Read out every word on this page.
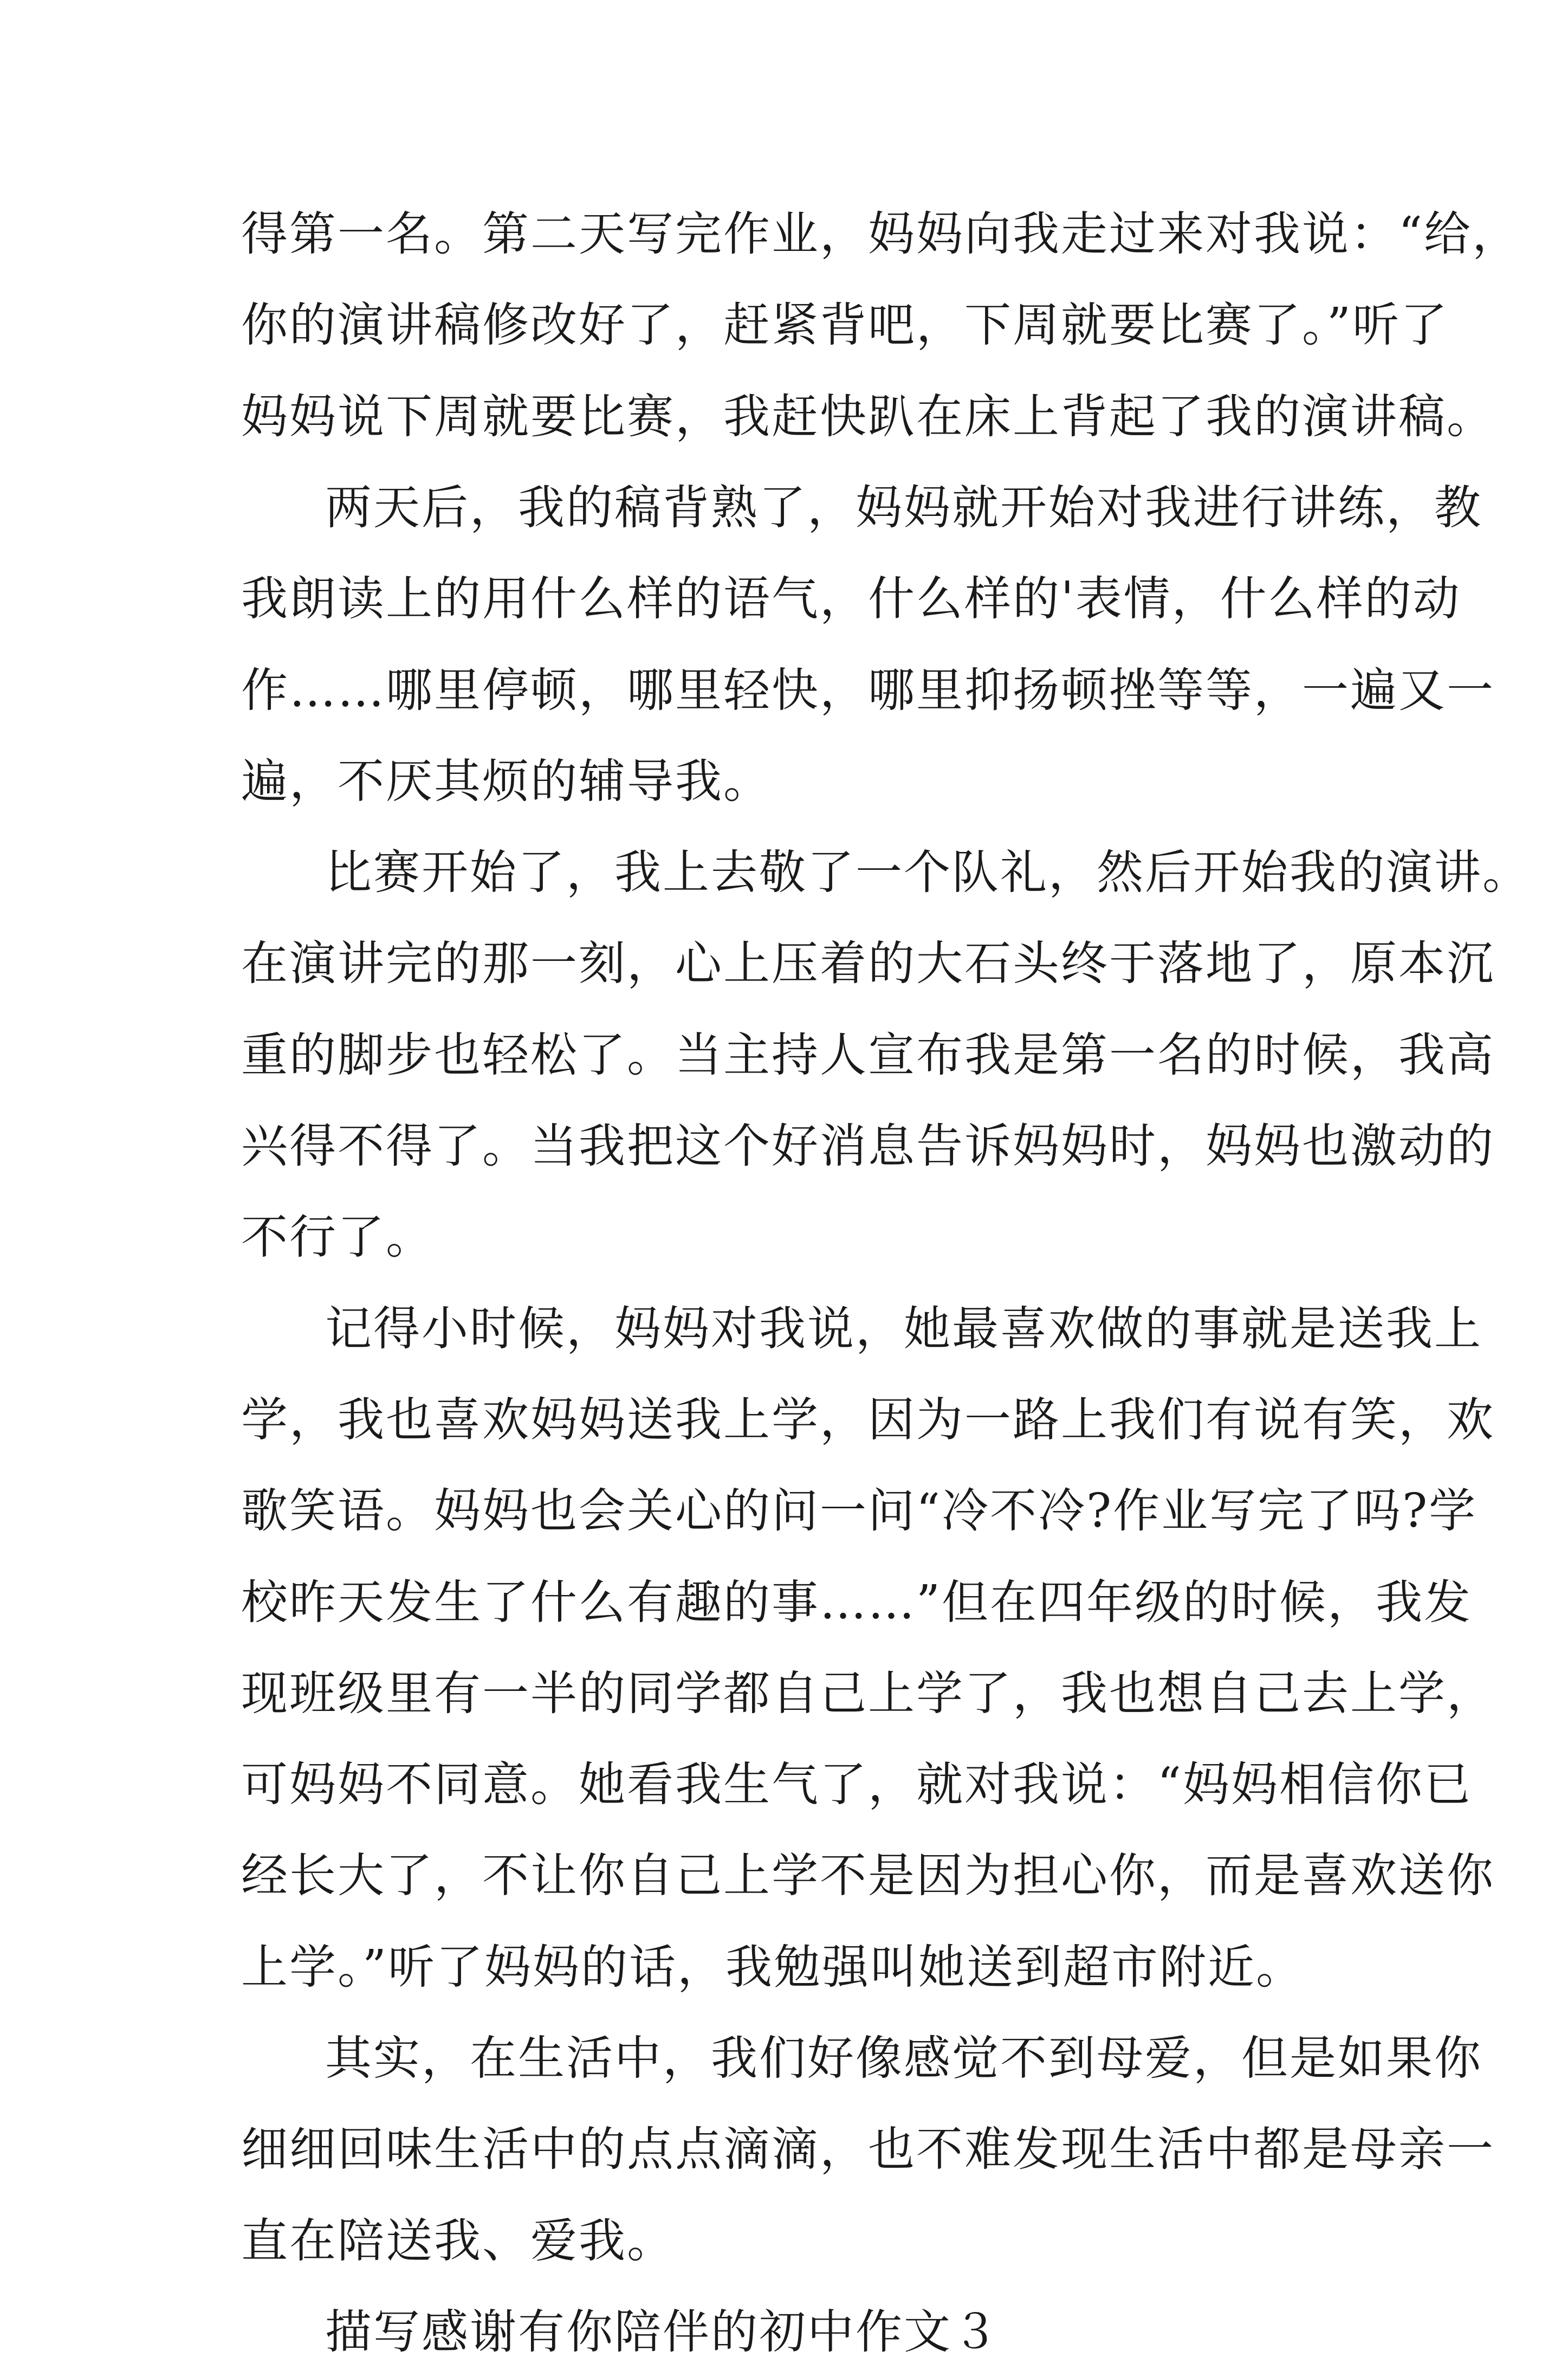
得第一名。第二天写完作业，妈妈向我走过来对我说：“给，
你的演讲稿修改好了，赶紧背吧，下周就要比赛了。”听了
妈妈说下周就要比赛，我赶快趴在床上背起了我的演讲稿。
两天后，我的稿背熟了，妈妈就开始对我进行讲练，教
我朗读上的用什么样的语气，什么样的'表情，什么样的动
作……哪里停顿，哪里轻快，哪里抑扬顿挫等等，一遍又一
遍，不厌其烦的辅导我。
比赛开始了，我上去敬了一个队礼，然后开始我的演讲。
在演讲完的那一刻，心上压着的大石头终于落地了，原本沉
重的脚步也轻松了。当主持人宣布我是第一名的时候，我高
兴得不得了。当我把这个好消息告诉妈妈时，妈妈也激动的
不行了。
记得小时候，妈妈对我说，她最喜欢做的事就是送我上
学，我也喜欢妈妈送我上学，因为一路上我们有说有笑，欢
歌笑语。妈妈也会关心的问一问“冷不冷?作业写完了吗?学
校昨天发生了什么有趣的事……”但在四年级的时候，我发
现班级里有一半的同学都自己上学了，我也想自己去上学，
可妈妈不同意。她看我生气了，就对我说：“妈妈相信你已
经长大了，不让你自己上学不是因为担心你，而是喜欢送你
上学。”听了妈妈的话，我勉强叫她送到超市附近。
其实，在生活中，我们好像感觉不到母爱，但是如果你
细细回味生活中的点点滴滴，也不难发现生活中都是母亲一
直在陪送我、爱我。
描写感谢有你陪伴的初中作文３
